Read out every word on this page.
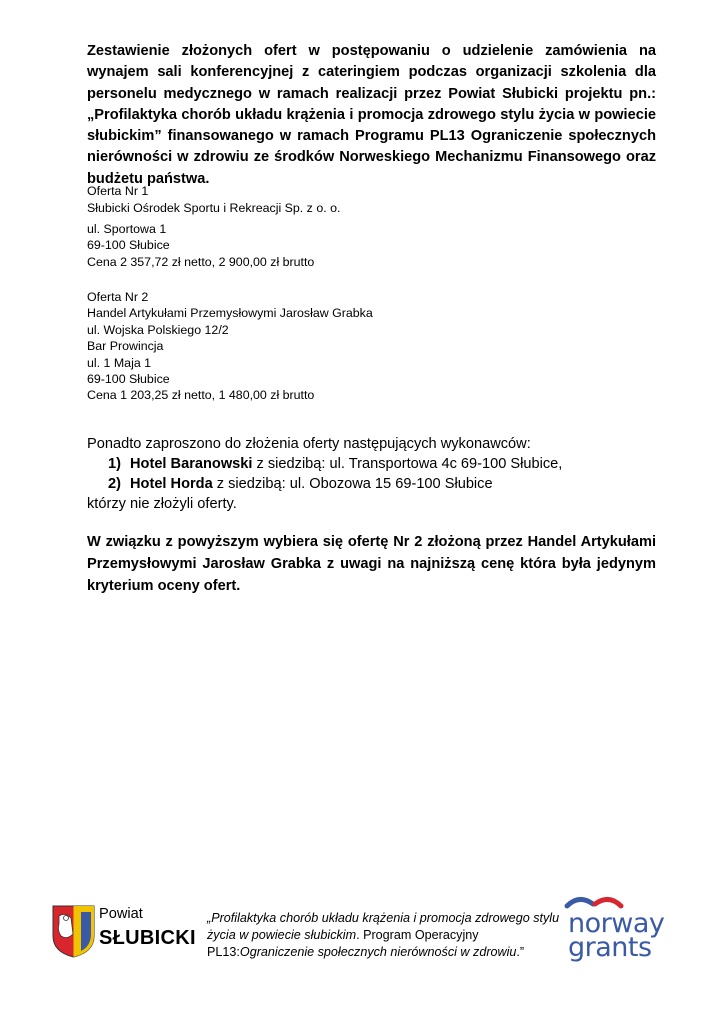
Zestawienie złożonych ofert w postępowaniu o udzielenie zamówienia na wynajem sali konferencyjnej z cateringiem podczas organizacji szkolenia dla personelu medycznego w ramach realizacji przez Powiat Słubicki projektu pn.: „Profilaktyka chorób układu krążenia i promocja zdrowego stylu życia w powiecie słubickim” finansowanego w ramach Programu PL13 Ograniczenie społecznych nierówności w zdrowiu ze środków Norweskiego Mechanizmu Finansowego oraz budżetu państwa.

Oferta Nr 1
Słubicki Ośrodek Sportu i Rekreacji Sp. z o. o.
ul. Sportowa 1
69-100 Słubice
Cena 2 357,72 zł netto, 2 900,00 zł brutto
Oferta Nr 2
Handel Artykułami Przemysłowymi Jarosław Grabka
ul. Wojska Polskiego 12/2
Bar Prowincja
ul. 1 Maja 1
69-100 Słubice
Cena 1 203,25 zł netto, 1 480,00 zł brutto
Ponadto zaproszono do złożenia oferty następujących wykonawców:
1) Hotel Baranowski z siedzibą: ul. Transportowa 4c 69-100 Słubice,
2) Hotel Horda z siedzibą: ul. Obozowa 15 69-100 Słubice
którzy nie złożyli oferty.

W związku z powyższym wybiera się ofertę Nr 2 złożoną przez Handel Artykułami Przemysłowymi Jarosław Grabka z uwagi na najniższą cenę która była jedynym kryterium oceny ofert.

Powiat
SŁUBICKI
„Profilaktyka chorób układu krążenia i promocja zdrowego stylu życia w powiecie słubickim. Program Operacyjny PL13:Ograniczenie społecznych nierówności w zdrowiu.”
norway
grants
